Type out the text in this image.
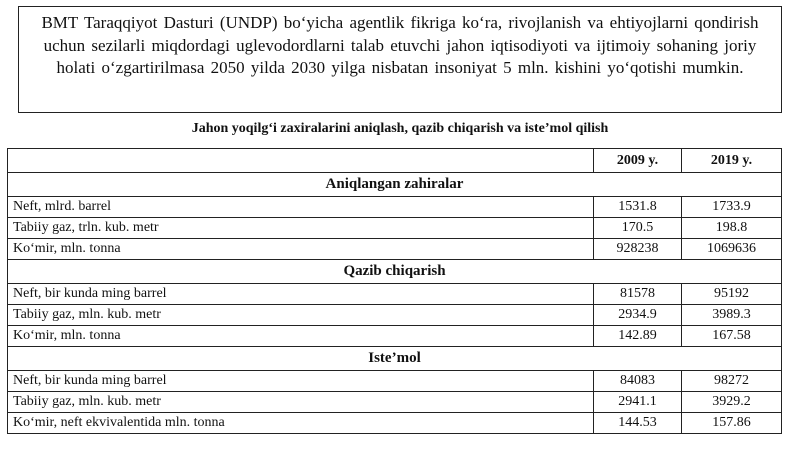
BMT Taraqqiyot Dasturi (UNDP) bo‘yicha agentlik fikriga ko‘ra, rivojlanish va ehtiyojlarni qondirish uchun sezilarli miqdordagi uglevodordlarni talab etuvchi jahon iqtisodiyoti va ijtimoiy sohaning joriy holati o‘zgartirilmasa 2050 yilda 2030 yilga nisbatan insoniyat 5 mln. kishini yo‘qotishi mumkin.
Jahon yoqilg‘i zaxiralarini aniqlash, qazib chiqarish va iste’mol qilish
	2009 y.	2019 y.
Aniqlangan zahiralar		
Neft, mlrd. barrel	1531.8	1733.9
Tabiiy gaz, trln. kub. metr	170.5	198.8
Ko‘mir, mln. tonna	928238	1069636
Qazib chiqarish		
Neft, bir kunda ming barrel	81578	95192
Tabiiy gaz, mln. kub. metr	2934.9	3989.3
Ko‘mir, mln. tonna	142.89	167.58
Iste’mol		
Neft, bir kunda ming barrel	84083	98272
Tabiiy gaz, mln. kub. metr	2941.1	3929.2
Ko‘mir, neft ekvivalentida mln. tonna	144.53	157.86
